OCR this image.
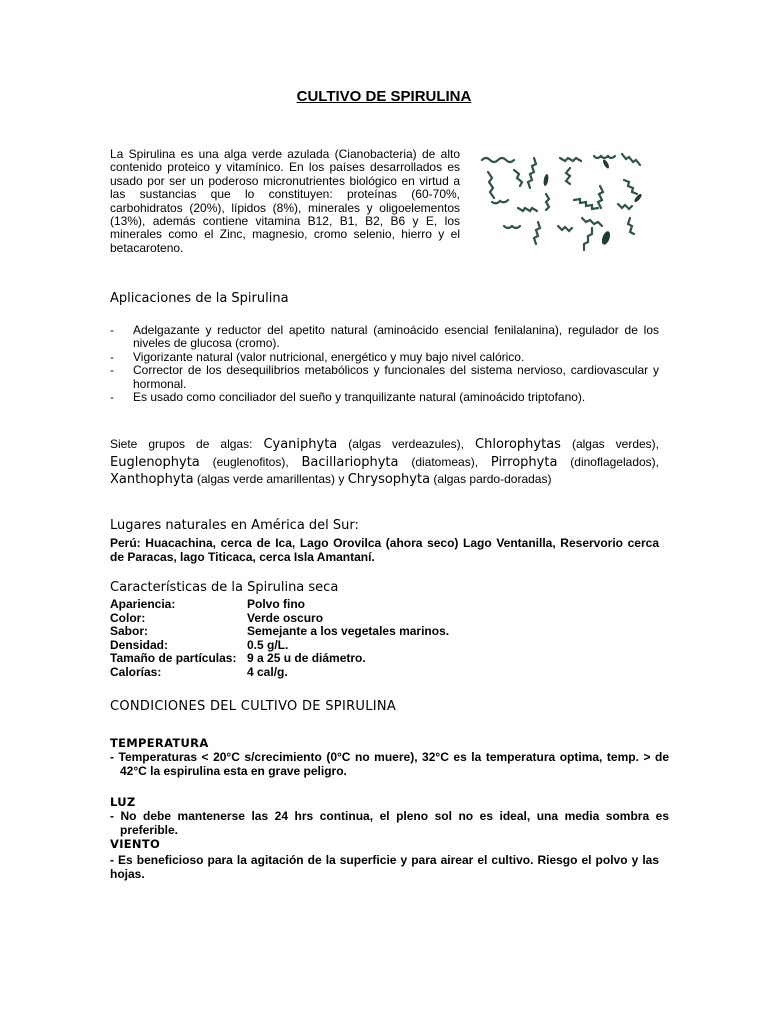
CULTIVO DE SPIRULINA
La Spirulina es una alga verde azulada (Cianobacteria) de alto contenido proteico y vitamínico. En los países desarrollados es usado por ser un poderoso micronutrientes biológico en virtud a las sustancias que lo constituyen: proteínas (60-70%, carbohidratos (20%), lípidos (8%), minerales y oligoelementos (13%), además contiene vitamina B12, B1, B2, B6 y E, los minerales como el Zinc, magnesio, cromo selenio, hierro y el betacaroteno.
Aplicaciones de la Spirulina
- Adelgazante y reductor del apetito natural (aminoácido esencial fenilalanina), regulador de los niveles de glucosa (cromo).
- Vigorizante natural (valor nutricional, energético y muy bajo nivel calórico.
- Corrector de los desequilibrios metabólicos y funcionales del sistema nervioso, cardiovascular y hormonal.
- Es usado como conciliador del sueño y tranquilizante natural (aminoácido triptofano).
Siete grupos de algas: Cyaniphyta (algas verdeazules), Chlorophytas (algas verdes), Euglenophyta (euglenofitos), Bacillariophyta (diatomeas), Pirrophyta (dinoflagelados), Xanthophyta (algas verde amarillentas) y Chrysophyta (algas pardo-doradas)
Lugares naturales en América del Sur:
Perú: Huacachina, cerca de Ica, Lago Orovilca (ahora seco) Lago Ventanilla, Reservorio cerca de Paracas, lago Titicaca, cerca Isla Amantaní.
Características de la Spirulina seca
Apariencia:	Polvo fino
Color:	Verde oscuro
Sabor:	Semejante a los vegetales marinos.
Densidad:	0.5 g/L.
Tamaño de partículas: 9 a 25 u de diámetro.
Calorías:	4 cal/g.
CONDICIONES DEL CULTIVO DE SPIRULINA
TEMPERATURA
- Temperaturas < 20°C s/crecimiento (0°C no muere), 32°C es la temperatura optima, temp. > de 42°C la espirulina esta en grave peligro.
LUZ
- No debe mantenerse las 24 hrs continua, el pleno sol no es ideal, una media sombra es preferible.
VIENTO
- Es beneficioso para la agitación de la superficie y para airear el cultivo. Riesgo el polvo y las hojas.
